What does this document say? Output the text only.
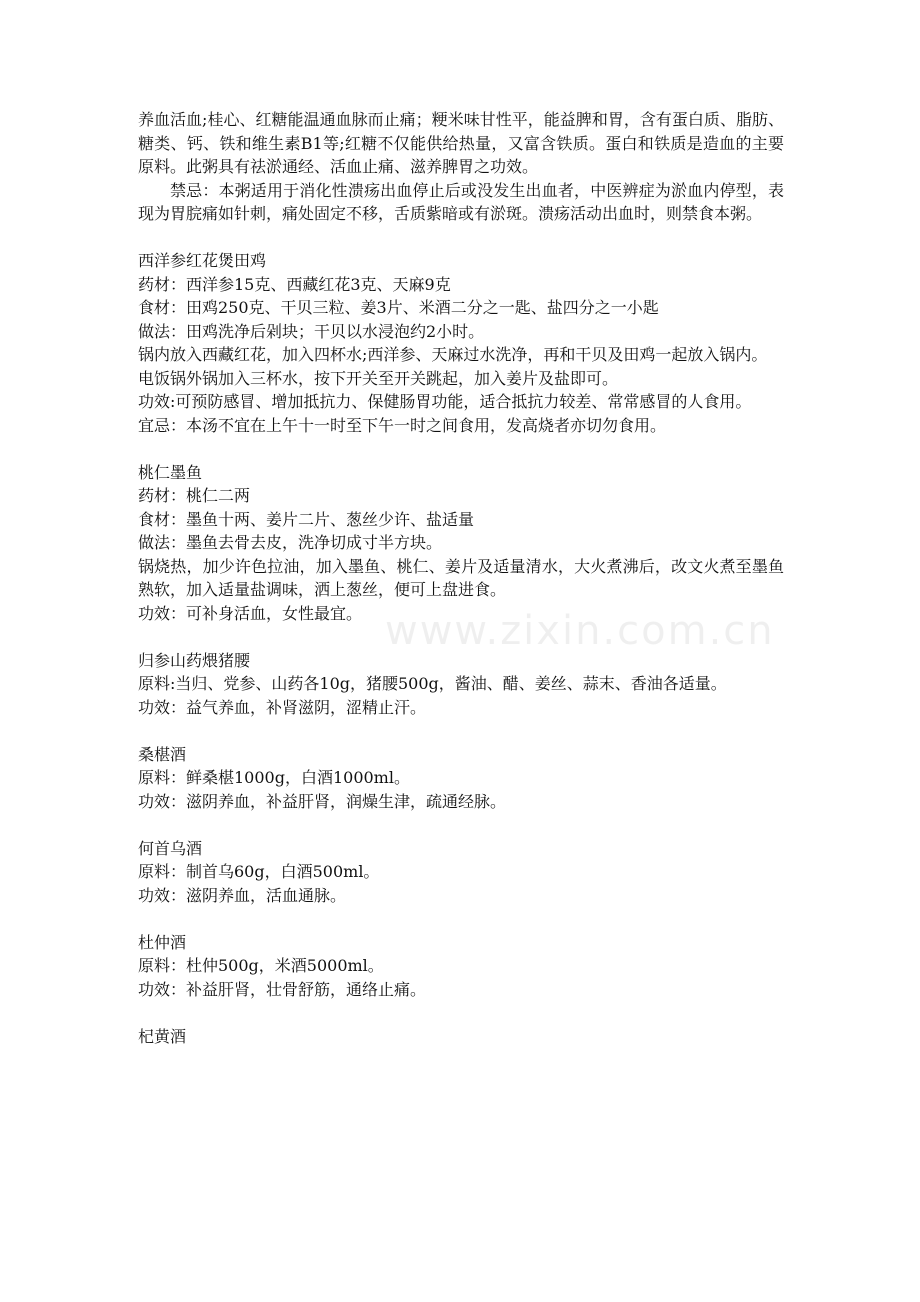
www.zixin.com.cn

养血活血;桂心、红糖能温通血脉而止痛；粳米味甘性平，能益脾和胃，含有蛋白质、脂肪、糖类、钙、铁和维生素B1等;红糖不仅能供给热量，又富含铁质。蛋白和铁质是造血的主要原料。此粥具有祛淤通经、活血止痛、滋养脾胃之功效。

禁忌：本粥适用于消化性溃疡出血停止后或没发生出血者，中医辨症为淤血内停型，表现为胃脘痛如针刺，痛处固定不移，舌质紫暗或有淤斑。溃疡活动出血时，则禁食本粥。

西洋参红花煲田鸡

药材：西洋参15克、西藏红花3克、天麻9克

食材：田鸡250克、干贝三粒、姜3片、米酒二分之一匙、盐四分之一小匙

做法：田鸡洗净后剁块；干贝以水浸泡约2小时。

锅内放入西藏红花，加入四杯水;西洋参、天麻过水洗净，再和干贝及田鸡一起放入锅内。

电饭锅外锅加入三杯水，按下开关至开关跳起，加入姜片及盐即可。

功效:可预防感冒、增加抵抗力、保健肠胃功能，适合抵抗力较差、常常感冒的人食用。

宜忌：本汤不宜在上午十一时至下午一时之间食用，发高烧者亦切勿食用。

桃仁墨鱼

药材：桃仁二两

食材：墨鱼十两、姜片二片、葱丝少许、盐适量

做法：墨鱼去骨去皮，洗净切成寸半方块。

锅烧热，加少许色拉油，加入墨鱼、桃仁、姜片及适量清水，大火煮沸后，改文火煮至墨鱼熟软，加入适量盐调味，洒上葱丝，便可上盘进食。

功效：可补身活血，女性最宜。

归参山药煨猪腰

原料:当归、党参、山药各10g，猪腰500g，酱油、醋、姜丝、蒜末、香油各适量。

功效：益气养血，补肾滋阴，涩精止汗。

桑椹酒

原料：鲜桑椹1000g，白酒1000ml。

功效：滋阴养血，补益肝肾，润燥生津，疏通经脉。

何首乌酒

原料：制首乌60g，白酒500ml。

功效：滋阴养血，活血通脉。

杜仲酒

原料：杜仲500g，米酒5000ml。

功效：补益肝肾，壮骨舒筋，通络止痛。

杞黄酒
